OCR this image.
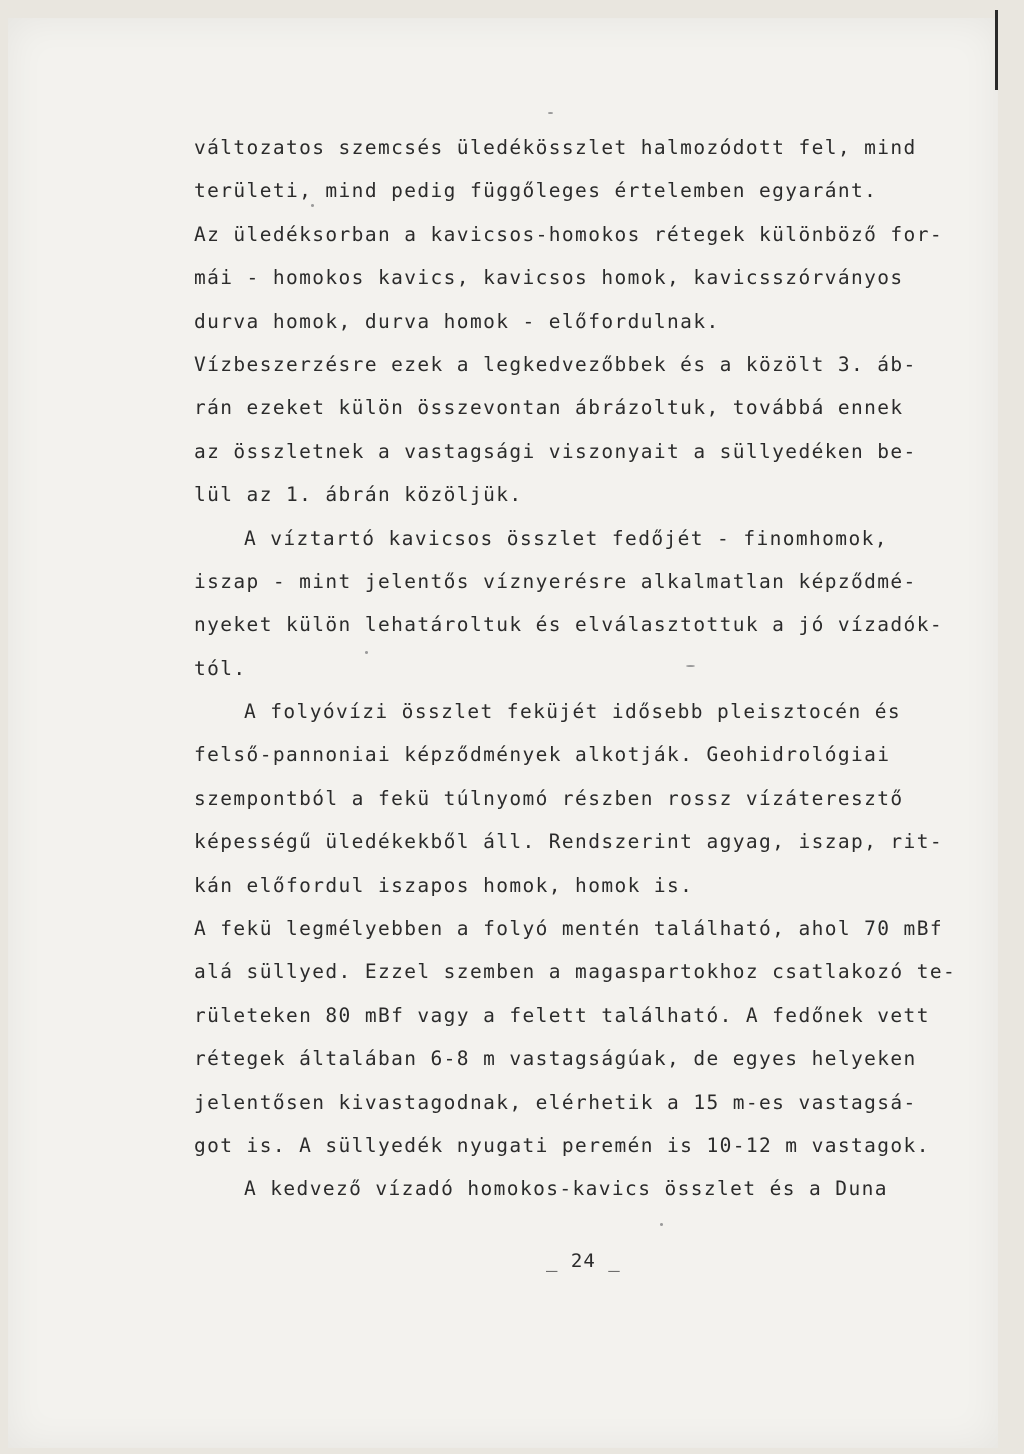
változatos szemcsés üledékösszlet halmozódott fel, mind
területi, mind pedig függőleges értelemben egyaránt.
Az üledéksorban a kavicsos-homokos rétegek különböző for-
mái - homokos kavics, kavicsos homok, kavicsszórványos
durva homok, durva homok - előfordulnak.
Vízbeszerzésre ezek a legkedvezőbbek és a közölt 3. áb-
rán ezeket külön összevontan ábrázoltuk, továbbá ennek
az összletnek a vastagsági viszonyait a süllyedéken be-
lül az 1. ábrán közöljük.
A víztartó kavicsos összlet fedőjét - finomhomok,
iszap - mint jelentős víznyerésre alkalmatlan képződmé-
nyeket külön lehatároltuk és elválasztottuk a jó vízadók-
tól.
A folyóvízi összlet feküjét idősebb pleisztocén és
felső-pannoniai képződmények alkotják. Geohidrológiai
szempontból a fekü túlnyomó részben rossz vízáteresztő
képességű üledékekből áll. Rendszerint agyag, iszap, rit-
kán előfordul iszapos homok, homok is.
A fekü legmélyebben a folyó mentén található, ahol 70 mBf
alá süllyed. Ezzel szemben a magaspartokhoz csatlakozó te-
rületeken 80 mBf vagy a felett található. A fedőnek vett
rétegek általában 6-8 m vastagságúak, de egyes helyeken
jelentősen kivastagodnak, elérhetik a 15 m-es vastagsá-
got is. A süllyedék nyugati peremén is 10-12 m vastagok.
A kedvező vízadó homokos-kavics összlet és a Duna
_ 24 _
